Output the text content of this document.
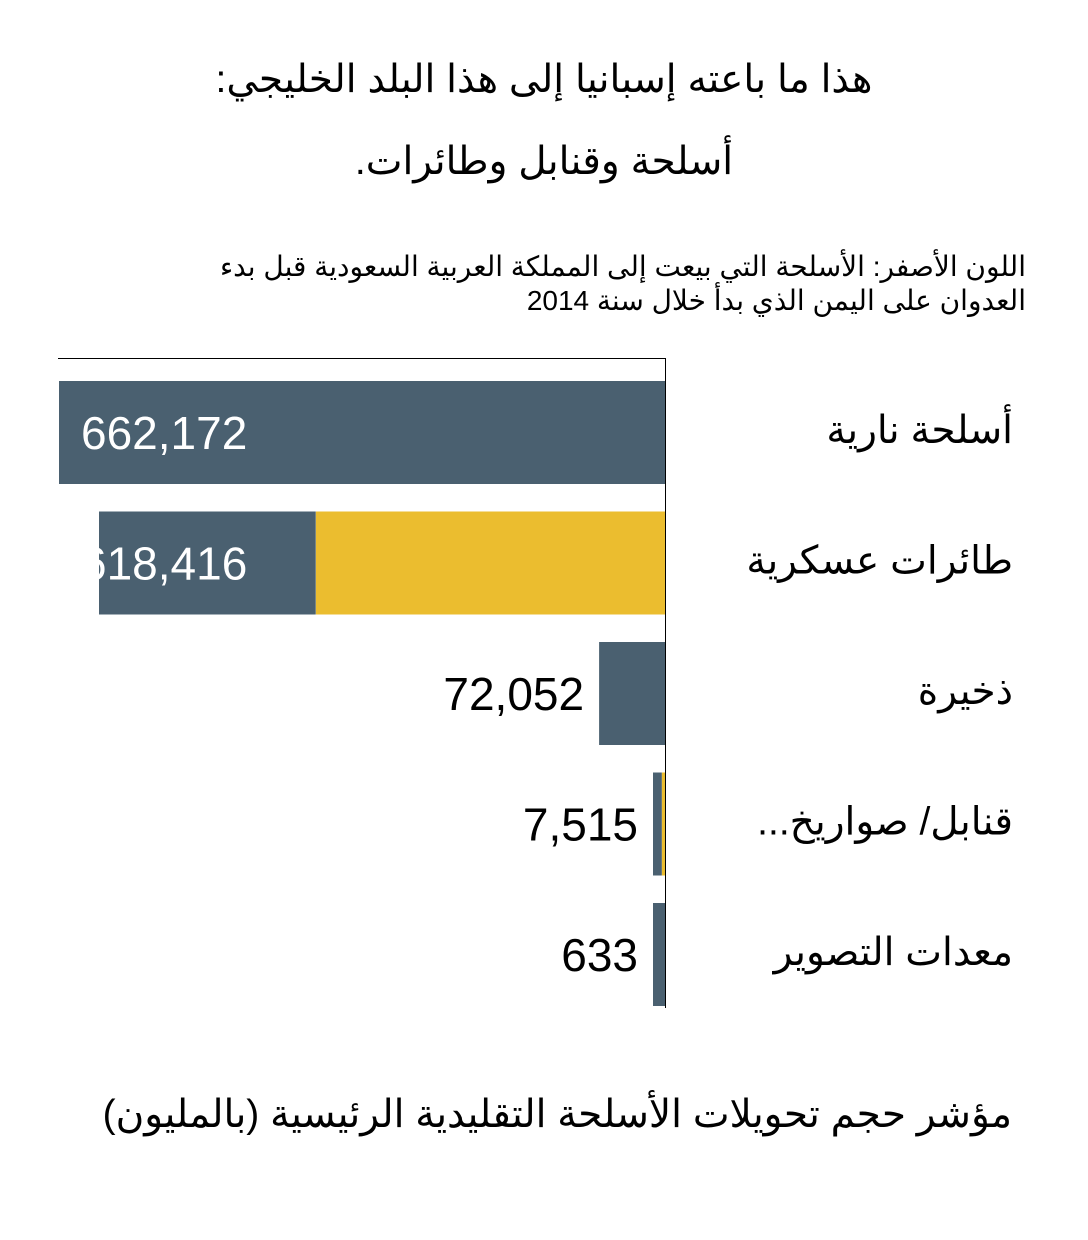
هذا ما باعته إسبانيا إلى هذا البلد الخليجي:
أسلحة وقنابل وطائرات.
اللون الأصفر: الأسلحة التي بيعت إلى المملكة العربية السعودية قبل بدء
العدوان على اليمن الذي بدأ خلال سنة 2014
662,172	أسلحة نارية
618,416	طائرات عسكرية
72,052	ذخيرة
7,515	قنابل/ صواريخ...
633	معدات التصوير
مؤشر حجم تحويلات الأسلحة التقليدية الرئيسية (بالمليون)
